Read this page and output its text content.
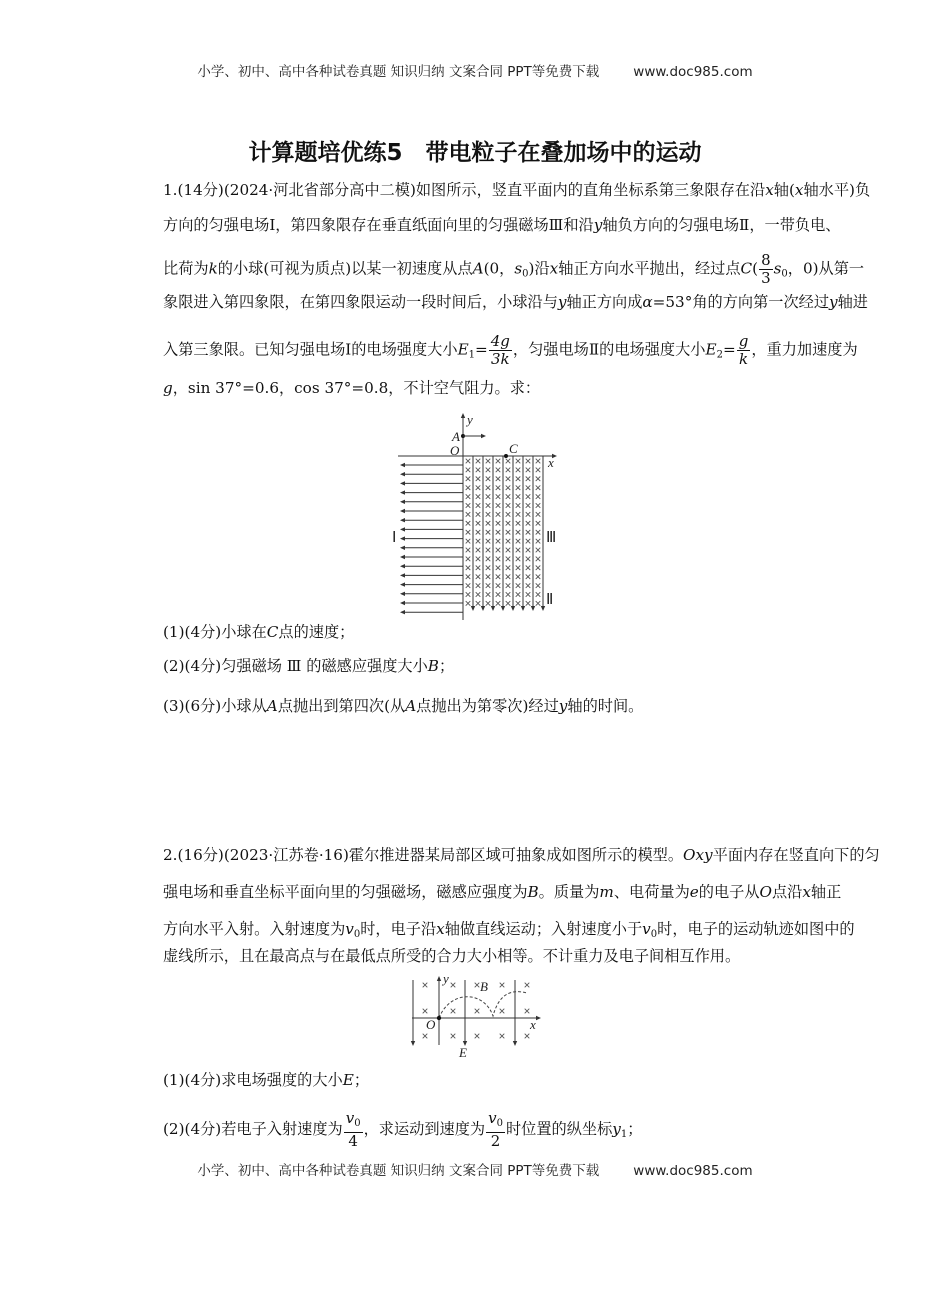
小学、初中、高中各种试卷真题 知识归纳 文案合同 PPT等免费下载	www.doc985.com
计算题培优练5　带电粒子在叠加场中的运动
1.(14分)(2024·河北省部分高中二模)如图所示，竖直平面内的直角坐标系第三象限存在沿x轴(x轴水平)负
方向的匀强电场Ⅰ，第四象限存在垂直纸面向里的匀强磁场Ⅲ和沿y轴负方向的匀强电场Ⅱ，一带负电、
比荷为k的小球(可视为质点)以某一初速度从点A(0，$s_0$)沿x轴正方向水平抛出，经过点$C( \frac{8}{3} s_0$，0)从第一
象限进入第四象限，在第四象限运动一段时间后，小球沿与y轴正方向成α=53°角的方向第一次经过y轴进
入第三象限。已知匀强电场Ⅰ的电场强度大小$E_1= \frac{4g}{3k}$ ，匀强电场Ⅱ的电场强度大小$E_2= \frac{g}{k}$ ，重力加速度为
g，sin 37°=0.6，cos 37°=0.8，不计空气阻力。求：
(1)(4分)小球在C点的速度；
(2)(4分)匀强磁场 Ⅲ 的磁感应强度大小B；
(3)(6分)小球从A点抛出到第四次(从A点抛出为第零次)经过y轴的时间。
y
A
O	C
x
Ⅰ	Ⅲ
Ⅱ
2.(16分)(2023·江苏卷·16)霍尔推进器某局部区域可抽象成如图所示的模型。Oxy平面内存在竖直向下的匀
强电场和垂直坐标平面向里的匀强磁场，磁感应强度为B。质量为m、电荷量为e的电子从O点沿x轴正
方向水平入射。入射速度为$v_0$时，电子沿x轴做直线运动；入射速度小于$v_0$时，电子的运动轨迹如图中的
虚线所示，且在最高点与在最低点所受的合力大小相等。不计重力及电子间相互作用。
(1)(4分)求电场强度的大小E；
(2)(4分)若电子入射速度为 $\frac{v_0}{4}$ ，求运动到速度为 $\frac{v_0}{2}$ 时位置的纵坐标$y_1$；
y
B
O	x
E
小学、初中、高中各种试卷真题 知识归纳 文案合同 PPT等免费下载	www.doc985.com
